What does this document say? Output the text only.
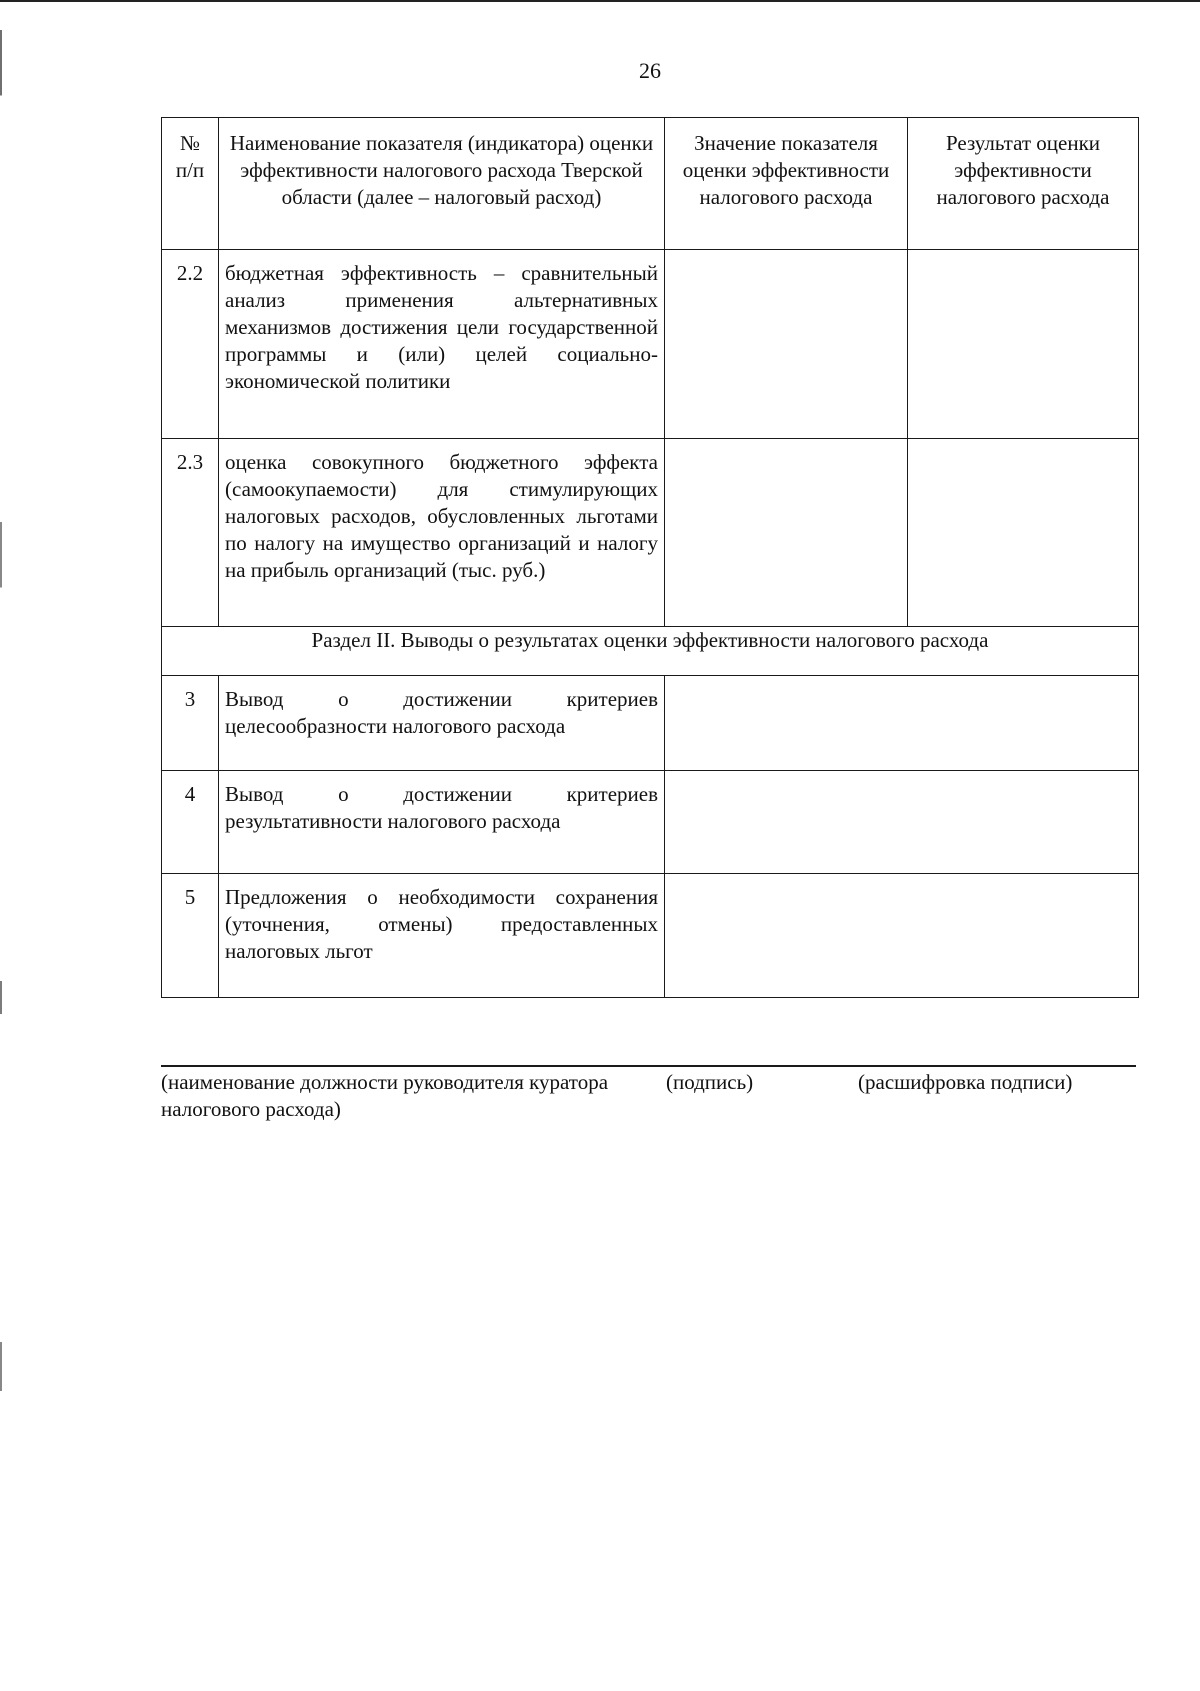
26
№ п/п	Наименование показателя (индикатора) оценки эффективности налогового расхода Тверской области (далее – налоговый расход)	Значение показателя оценки эффективности налогового расхода	Результат оценки эффективности налогового расхода

2.2	бюджетная эффективность – сравнительный анализ применения альтернативных механизмов достижения цели государственной программы и (или) целей социально-экономической политики		

2.3	оценка совокупного бюджетного эффекта (самоокупаемости) для стимулирующих налоговых расходов, обусловленных льготами по налогу на имущество организаций и налогу на прибыль организаций (тыс. руб.)		

Раздел II. Выводы о результатах оценки эффективности налогового расхода			

3	Вывод о достижении критериев целесообразности налогового расхода		

4	Вывод о достижении критериев результативности налогового расхода		

5	Предложения о необходимости сохранения (уточнения, отмены) предоставленных налоговых льгот		

(наименование должности руководителя куратора налогового расхода)
(подпись)	(расшифровка подписи)
